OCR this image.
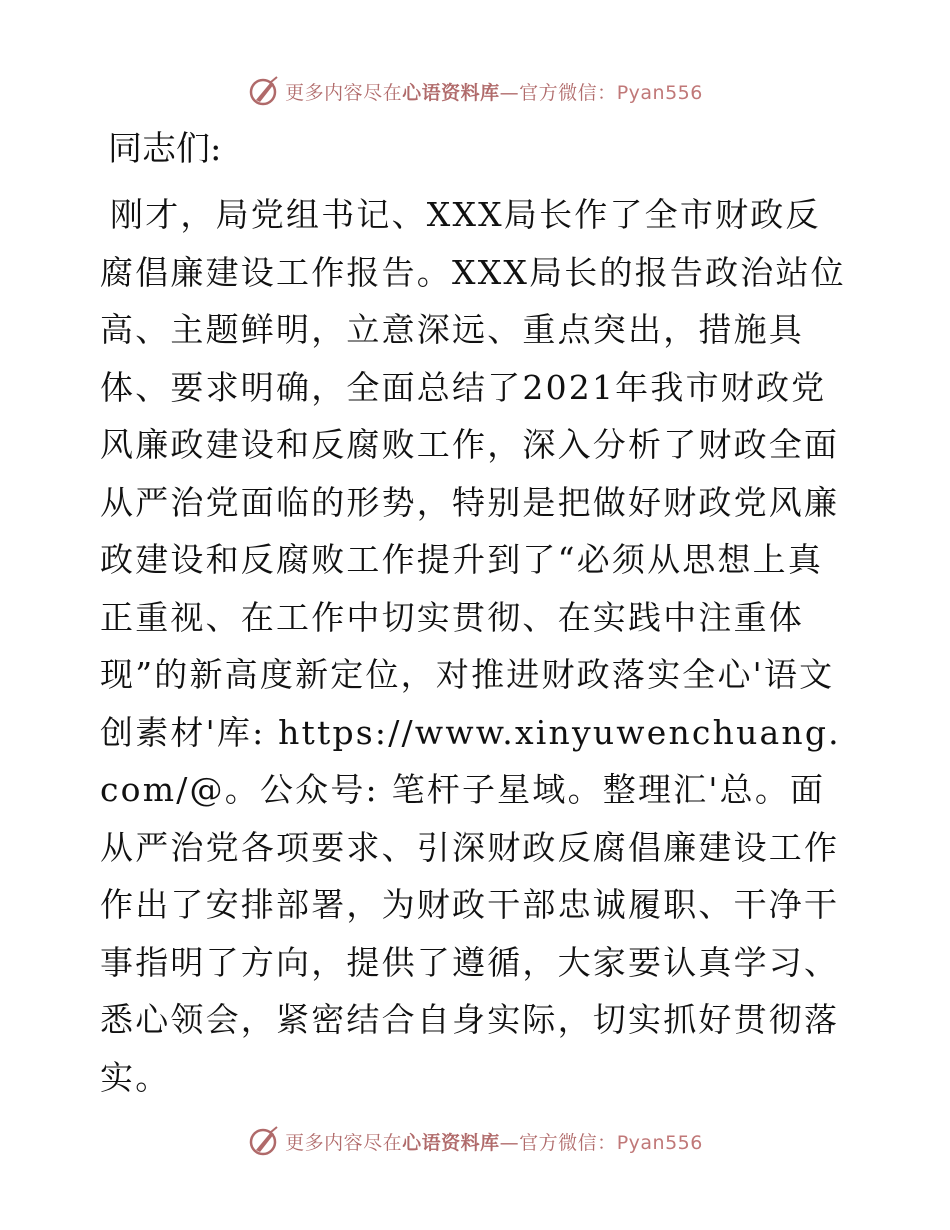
更多内容尽在心语资料库—官方微信：Pyan556
同志们:

刚才，局党组书记、XXX局长作了全市财政反腐倡廉建设工作报告。XXX局长的报告政治站位高、主题鲜明，立意深远、重点突出，措施具体、要求明确，全面总结了2021年我市财政党风廉政建设和反腐败工作，深入分析了财政全面从严治党面临的形势，特别是把做好财政党风廉政建设和反腐败工作提升到了“必须从思想上真正重视、在工作中切实贯彻、在实践中注重体现”的新高度新定位，对推进财政落实全心'语文创素材'库: https://www.xinyuwenchuang.com/@。公众号: 笔杆子星域。整理汇'总。面从严治党各项要求、引深财政反腐倡廉建设工作作出了安排部署，为财政干部忠诚履职、干净干事指明了方向，提供了遵循，大家要认真学习、悉心领会，紧密结合自身实际，切实抓好贯彻落实。

更多内容尽在心语资料库—官方微信：Pyan556
